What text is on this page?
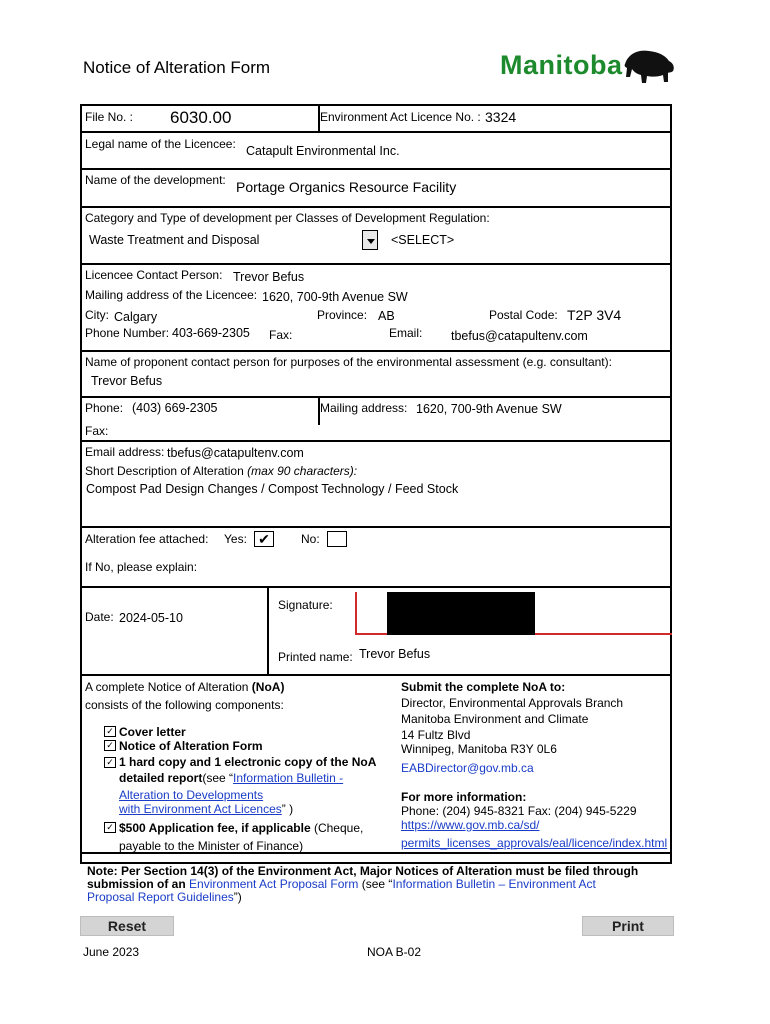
Notice of Alteration Form	Manitoba
File No. : 6030.00	Environment Act Licence No. : 3324
Legal name of the Licencee: Catapult Environmental Inc.
Name of the development: Portage Organics Resource Facility
Category and Type of development per Classes of Development Regulation:
Waste Treatment and Disposal	<SELECT>
Licencee Contact Person: Trevor Befus
Mailing address of the Licencee: 1620, 700-9th Avenue SW
City: Calgary	Province: AB	Postal Code: T2P 3V4
Phone Number: 403-669-2305 Fax:	Email: tbefus@catapultenv.com
Name of proponent contact person for purposes of the environmental assessment (e.g. consultant):
Trevor Befus
Phone: (403) 669-2305	Mailing address: 1620, 700-9th Avenue SW
Fax:
Email address: tbefus@catapultenv.com
Short Description of Alteration (max 90 characters):
Compost Pad Design Changes / Compost Technology / Feed Stock
Alteration fee attached: Yes: ✔	No:
If No, please explain:
Date: 2024-05-10
Signature:
Printed name: Trevor Befus
A complete Notice of Alteration (NoA)
consists of the following components:
✓ Cover letter
✓ Notice of Alteration Form
✓ 1 hard copy and 1 electronic copy of the NoA
detailed report(see “Information Bulletin -
Alteration to Developments
with Environment Act Licences” )
✓ $500 Application fee, if applicable (Cheque,
payable to the Minister of Finance)
Submit the complete NoA to:
Director, Environmental Approvals Branch
Manitoba Environment and Climate
14 Fultz Blvd
Winnipeg, Manitoba R3Y 0L6
EABDirector@gov.mb.ca
For more information:
Phone: (204) 945-8321 Fax: (204) 945-5229
https://www.gov.mb.ca/sd/
permits_licenses_approvals/eal/licence/index.html
Note: Per Section 14(3) of the Environment Act, Major Notices of Alteration must be filed through
submission of an Environment Act Proposal Form (see “Information Bulletin – Environment Act
Proposal Report Guidelines”)
Reset	Print
June 2023	NOA B-02
